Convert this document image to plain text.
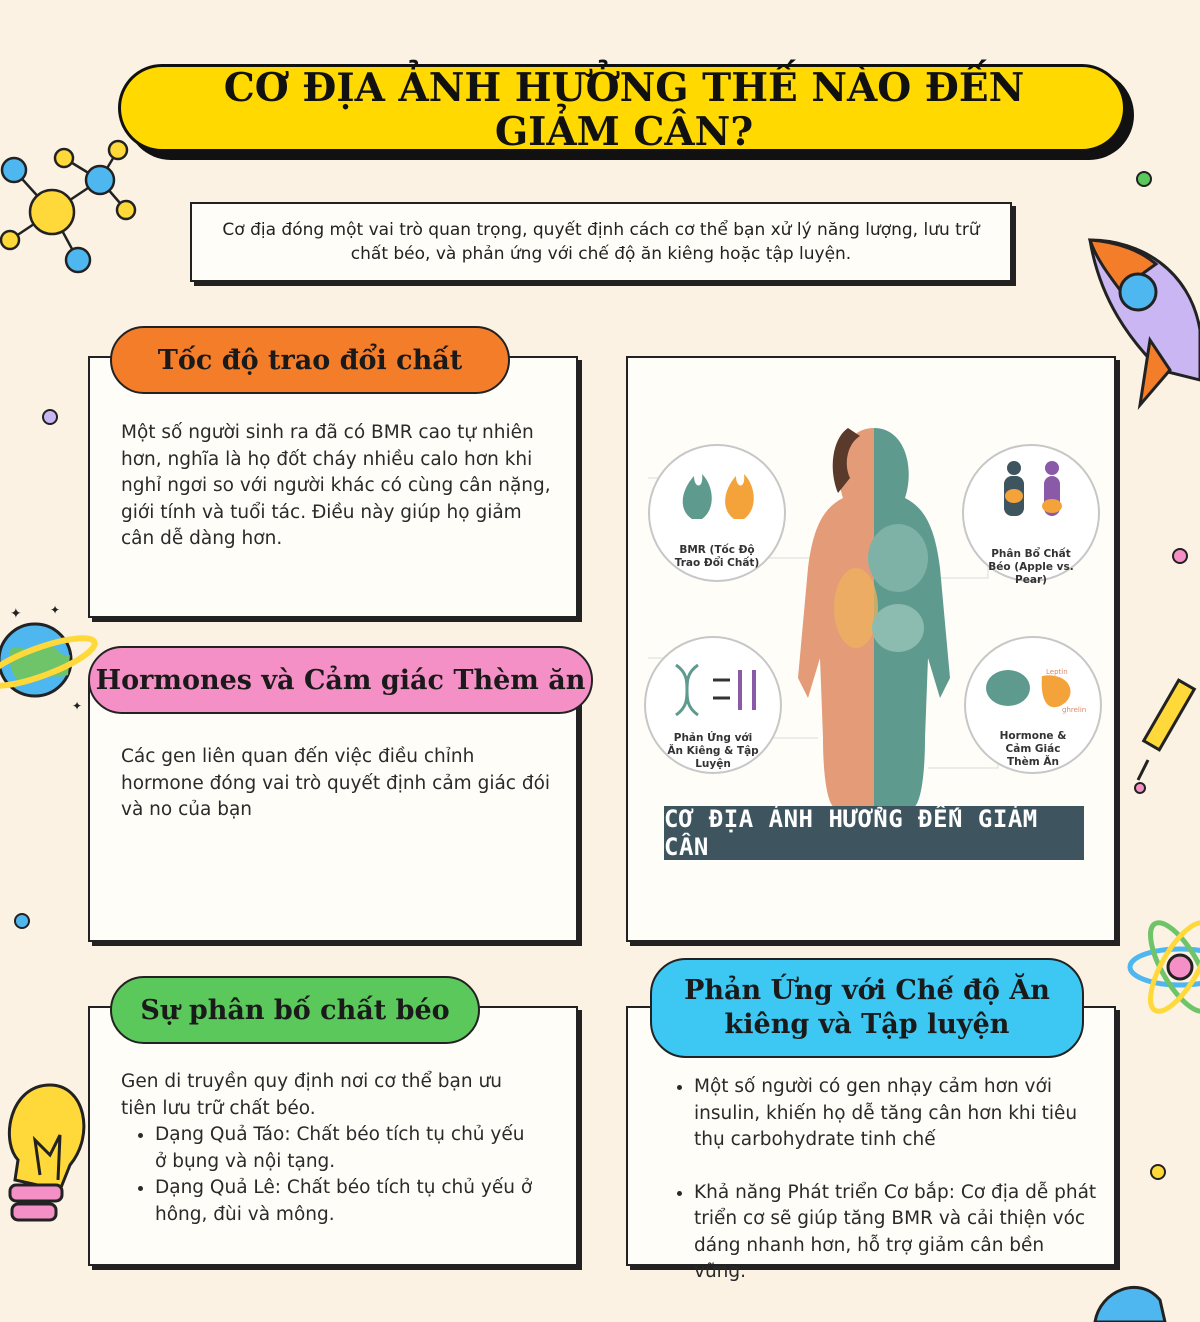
✦ ✦
✦
CƠ ĐỊA ẢNH HƯỞNG THẾ NÀO ĐẾN GIẢM CÂN?

Cơ địa đóng một vai trò quan trọng, quyết định cách cơ thể bạn xử lý năng lượng, lưu trữ chất béo, và phản ứng với chế độ ăn kiêng hoặc tập luyện.

Tốc độ trao đổi chất
Một số người sinh ra đã có BMR cao tự nhiên hơn, nghĩa là họ đốt cháy nhiều calo hơn khi nghỉ ngơi so với người khác có cùng cân nặng, giới tính và tuổi tác. Điều này giúp họ giảm cân dễ dàng hơn.
Hormones và Cảm giác Thèm ăn
Các gen liên quan đến việc điều chỉnh hormone đóng vai trò quyết định cảm giác đói và no của bạn
Sự phân bố chất béo
Gen di truyền quy định nơi cơ thể bạn ưu tiên lưu trữ chất béo.
• Dạng Quả Táo: Chất béo tích tụ chủ yếu ở bụng và nội tạng.
• Dạng Quả Lê: Chất béo tích tụ chủ yếu ở hông, đùi và mông.
Phản Ứng với Chế độ Ăn kiêng và Tập luyện
• Một số người có gen nhạy cảm hơn với insulin, khiến họ dễ tăng cân hơn khi tiêu thụ carbohydrate tinh chế
• Khả năng Phát triển Cơ bắp: Cơ địa dễ phát triển cơ sẽ giúp tăng BMR và cải thiện vóc dáng nhanh hơn, hỗ trợ giảm cân bền vững.
BMR (Tốc Độ Trao Đổi Chất)
Phân Bổ Chất Béo (Apple vs. Pear)
Phản Ứng với Ăn Kiêng & Tập Luyện
Leptin
ghrelin
Hormone & Cảm Giác Thèm Ăn
CƠ ĐỊA ẢNH HƯỞNG ĐẾN GIẢM CÂN
